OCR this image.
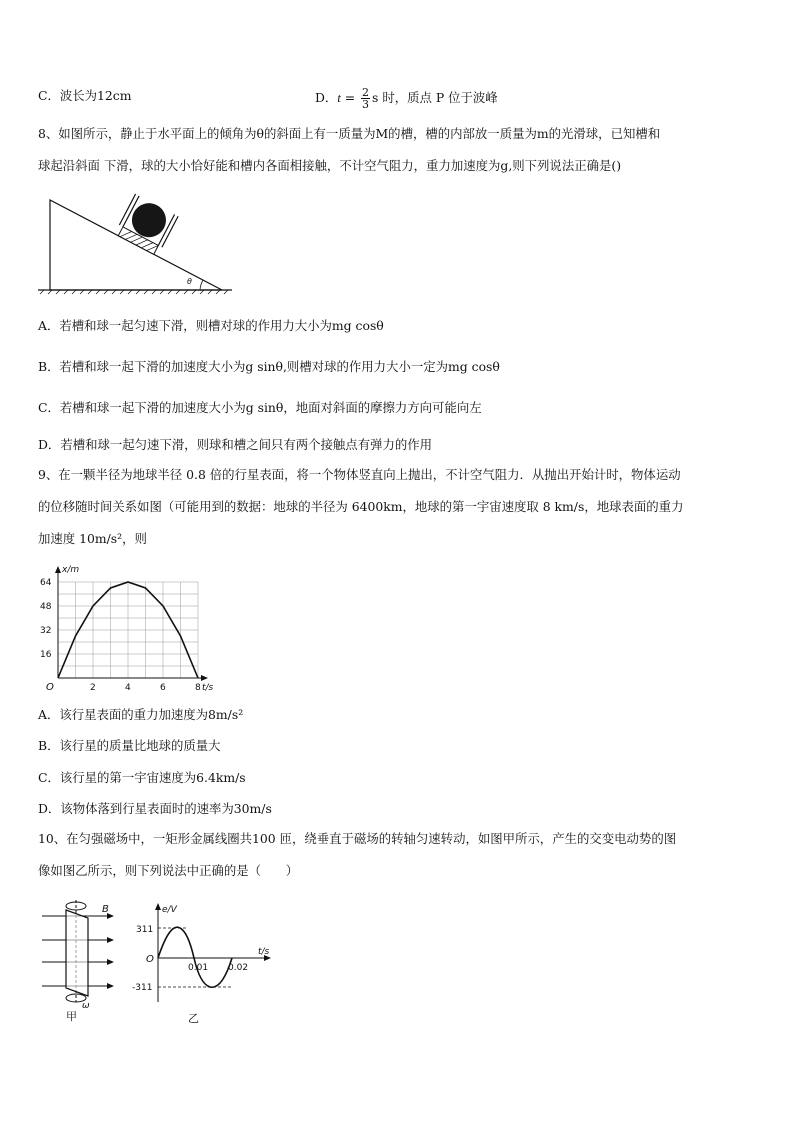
C．波长为12cm	D．$t = \frac{2}{3}$ s 时，质点 P 位于波峰

8、如图所示，静止于水平面上的倾角为θ的斜面上有一质量为M的槽，槽的内部放一质量为m的光滑球，已知槽和

球起沿斜面 下滑，球的大小恰好能和槽内各面相接触，不计空气阻力，重力加速度为g,则下列说法正确是()

θ

A．若槽和球一起匀速下滑，则槽对球的作用力大小为mg cosθ

B．若槽和球一起下滑的加速度大小为g sinθ,则槽对球的作用力大小一定为mg cosθ

C．若槽和球一起下滑的加速度大小为g sinθ，地面对斜面的摩擦力方向可能向左

D．若槽和球一起匀速下滑，则球和槽之间只有两个接触点有弹力的作用

9、在一颗半径为地球半径 0.8 倍的行星表面，将一个物体竖直向上抛出，不计空气阻力．从抛出开始计时，物体运动

的位移随时间关系如图（可能用到的数据：地球的半径为 6400km，地球的第一宇宙速度取 8 km/s，地球表面的重力

加速度 10m/s²，则

x/m
t/s
O	2	4	6	8
16
32
48
64

A．该行星表面的重力加速度为8m/s²

B．该行星的质量比地球的质量大

C．该行星的第一宇宙速度为6.4km/s

D．该物体落到行星表面时的速率为30m/s

10、在匀强磁场中，一矩形金属线圈共100 匝，绕垂直于磁场的转轴匀速转动，如图甲所示，产生的交变电动势的图

像如图乙所示，则下列说法中正确的是（　　）

B
ω
甲
e/V
t/s
O
311
-311
0.01 0.02
乙
